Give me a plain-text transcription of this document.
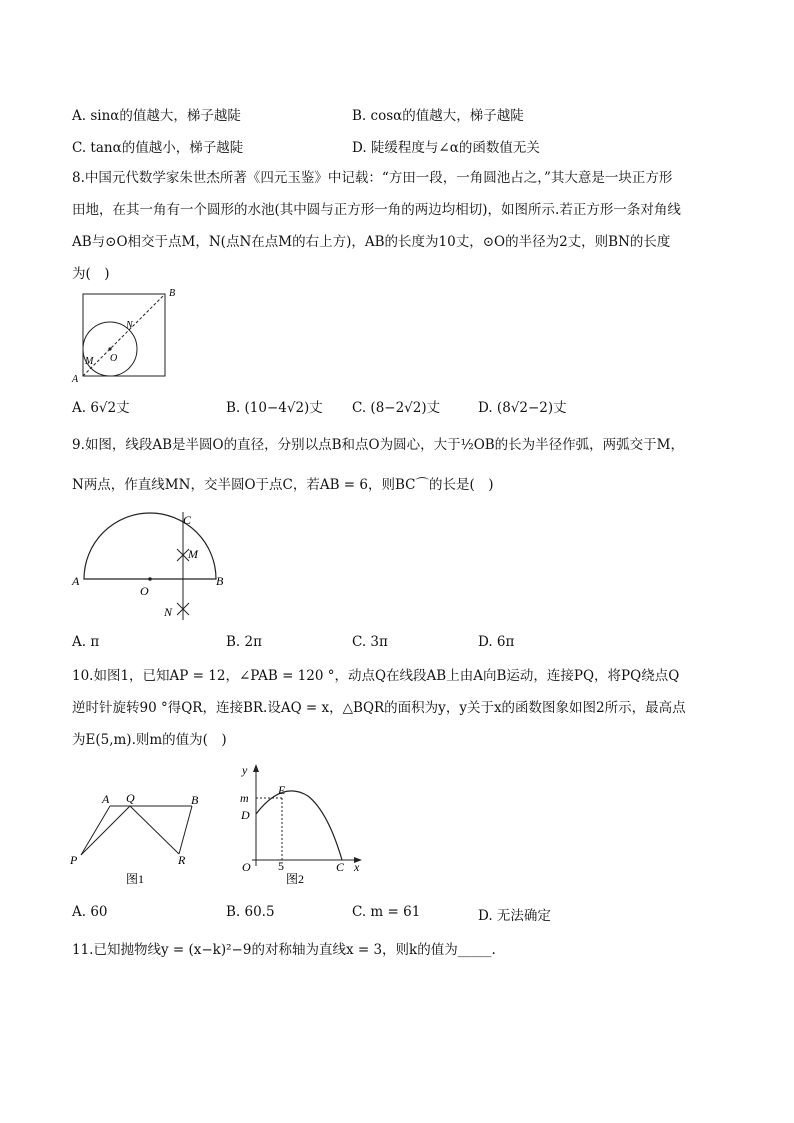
A. sinα的值越大，梯子越陡	B. cosα的值越大，梯子越陡
C. tanα的值越小，梯子越陡	D. 陡缓程度与∠α的函数值无关
8.中国元代数学家朱世杰所著《四元玉鉴》中记载：“方田一段，一角圆池占之，”其大意是一块正方形
田地，在其一角有一个圆形的水池(其中圆与正方形一角的两边均相切)，如图所示.若正方形一条对角线
AB与⊙O相交于点M，N(点N在点M的右上方)，AB的长度为10丈，⊙O的半径为2丈，则BN的长度
为(　)
A
B
M
N
O
A. 6√2丈	B. (10−4√2)丈 C. (8−2√2)丈	D. (8√2−2)丈
9.如图，线段AB是半圆O的直径，分别以点B和点O为圆心，大于½OB的长为半径作弧，两弧交于M，
N两点，作直线MN，交半圆O于点C，若AB = 6，则BC⌒的长是(　)
A	B
C
M
N
O
A. π	B. 2π	C. 3π	D. 6π
10.如图1，已知AP = 12，∠PAB = 120 °，动点Q在线段AB上由A向B运动，连接PQ，将PQ绕点Q
逆时针旋转90 °得QR，连接BR.设AQ = x，△BQR的面积为y，y关于x的函数图象如图2所示，最高点
为E(5,m).则m的值为(　)
A Q	B
P	R
图1
y
x
m
D
E
O 5	C
图2
A. 60	B. 60.5	C. m = 61	D. 无法确定
11.已知抛物线y = (x−k)²−9的对称轴为直线x = 3，则k的值为_____.
